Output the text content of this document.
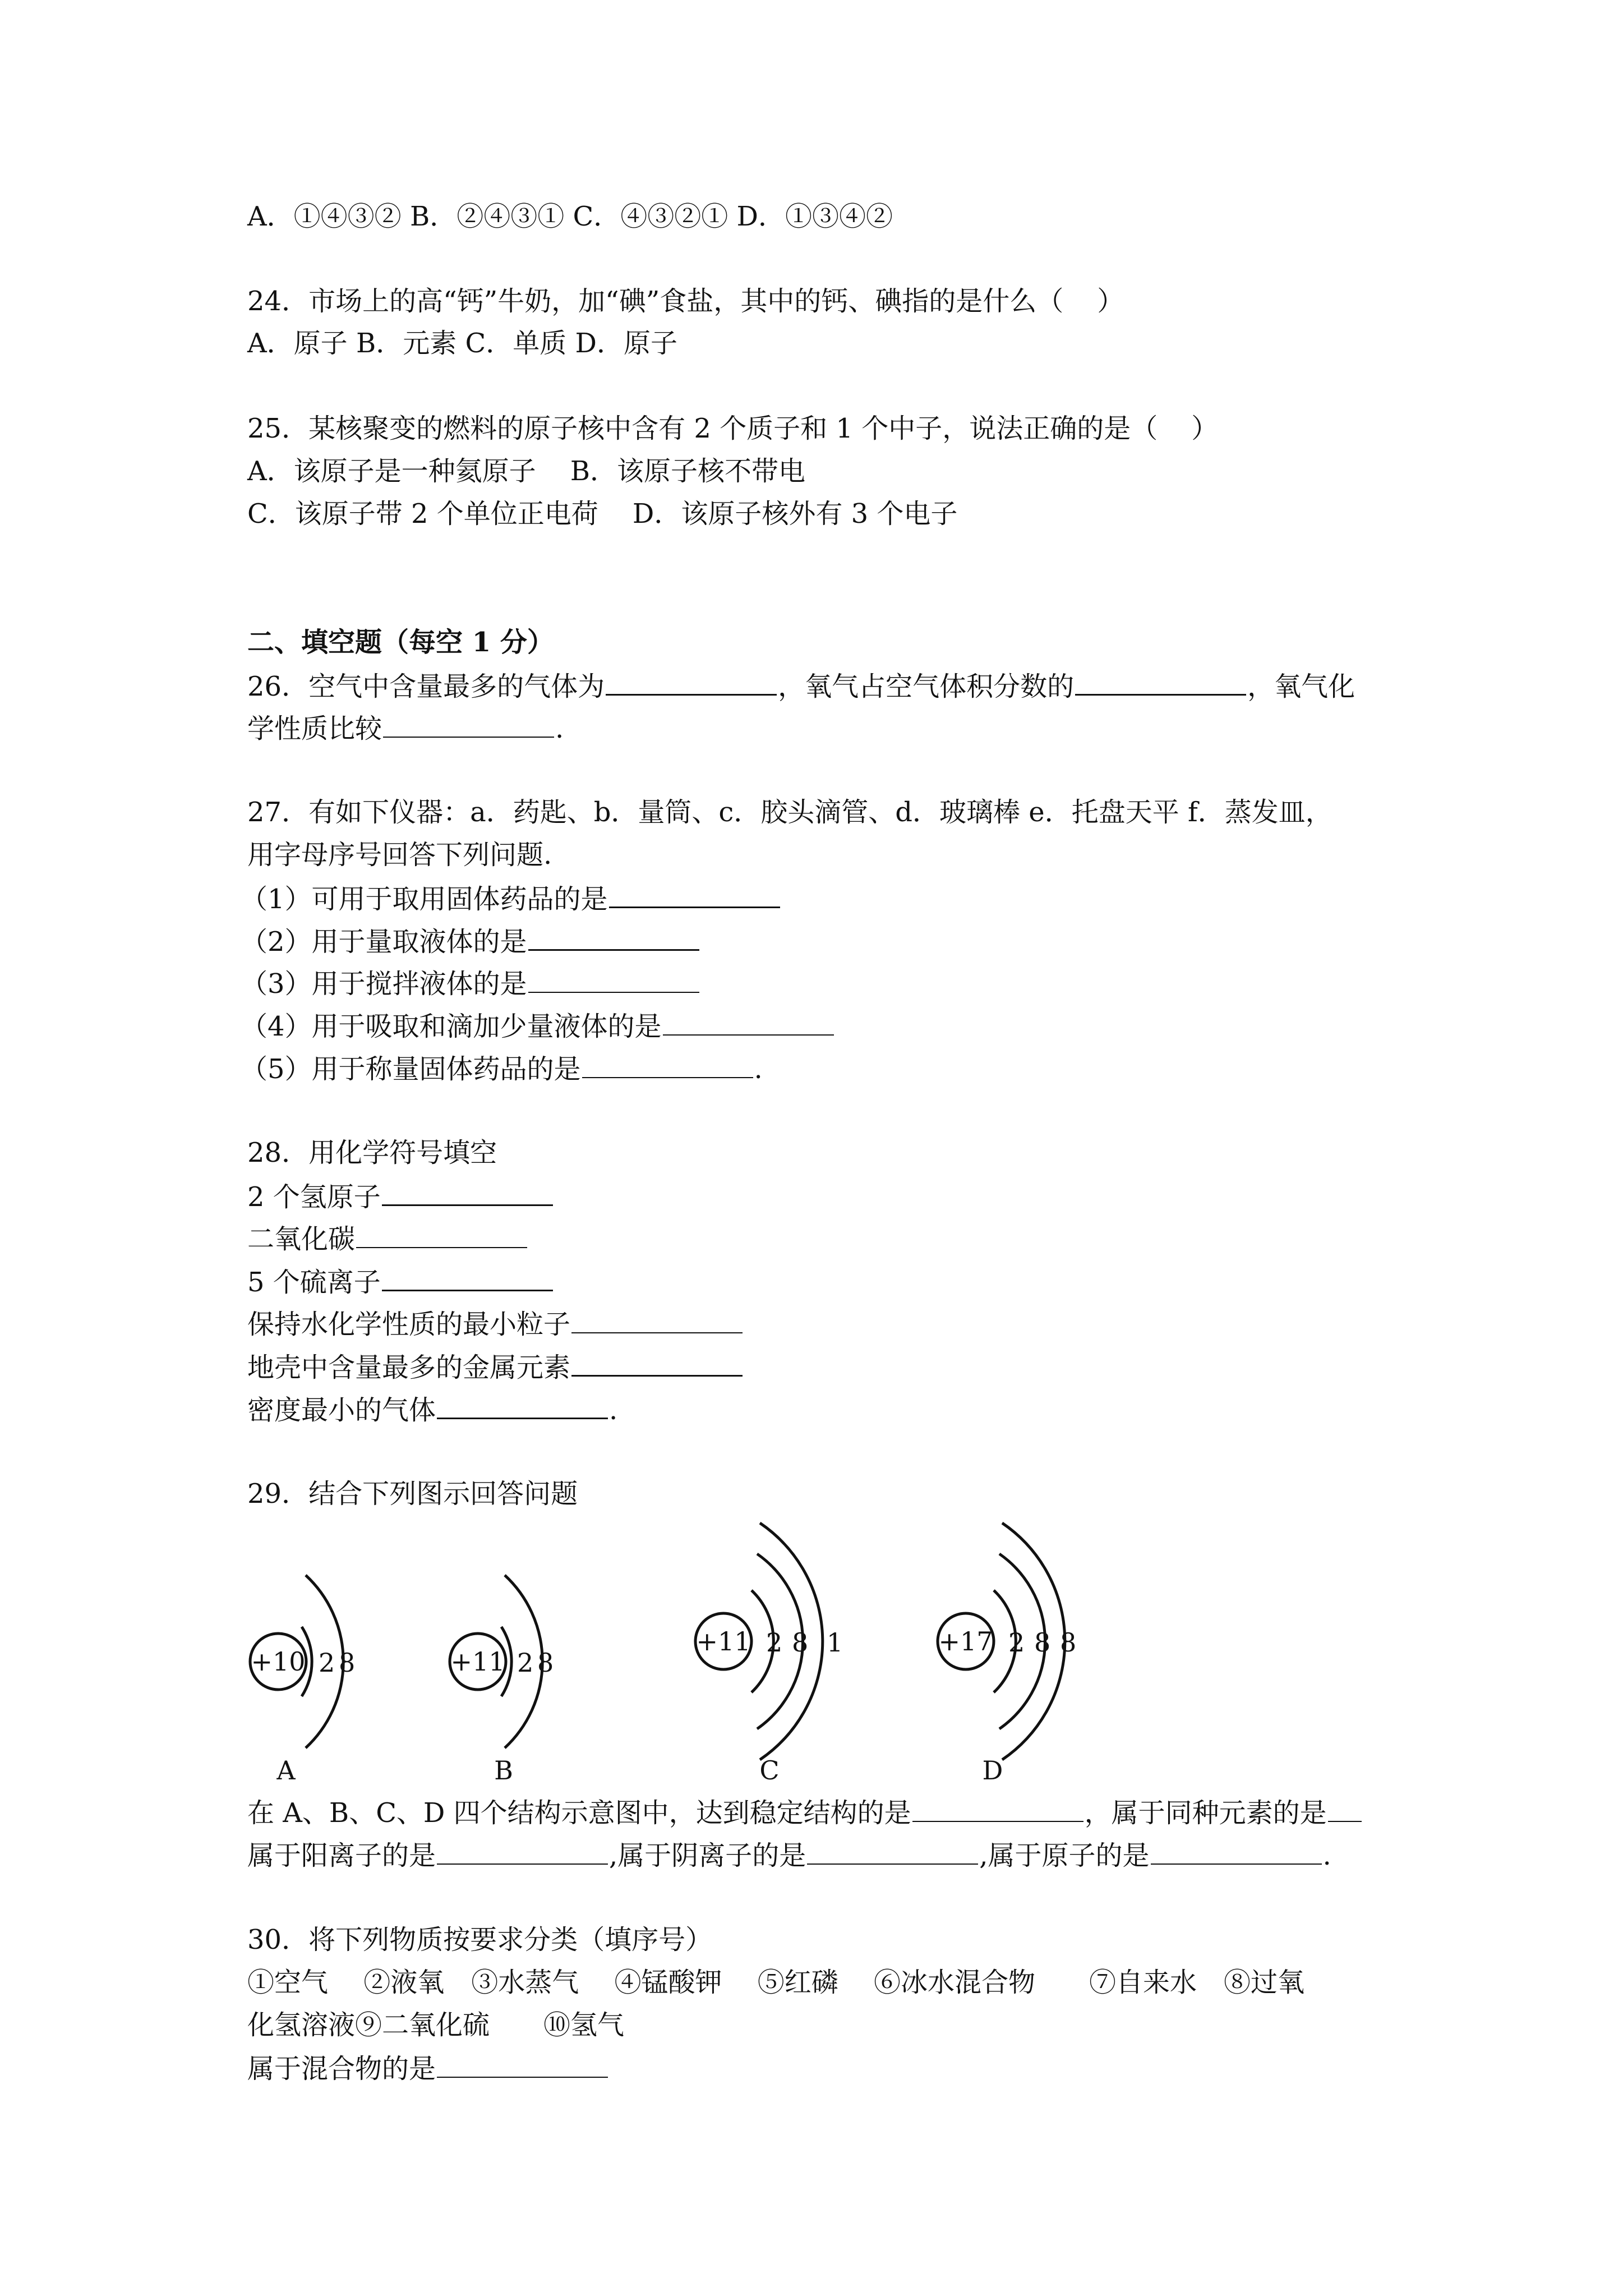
A．①④③② B．②④③① C．④③②① D．①③④②
24．市场上的高“钙”牛奶，加“碘”食盐，其中的钙、碘指的是什么（ ）
A．原子 B．元素 C．单质 D．原子
25．某核聚变的燃料的原子核中含有 2 个质子和 1 个中子，说法正确的是（ ）
A．该原子是一种氦原子 B．该原子核不带电
C．该原子带 2 个单位正电荷 D．该原子核外有 3 个电子
二、填空题（每空 1 分）
26．空气中含量最多的气体为	，氧气占空气体积分数的	，氧气化
学性质比较	.
27．有如下仪器：a．药匙、b．量筒、c．胶头滴管、d．玻璃棒 e．托盘天平 f．蒸发皿，
用字母序号回答下列问题.
（1）可用于取用固体药品的是
（2）用于量取液体的是
（3）用于搅拌液体的是
（4）用于吸取和滴加少量液体的是
（5）用于称量固体药品的是	.
28．用化学符号填空
2 个氢原子
二氧化碳
5 个硫离子
保持水化学性质的最小粒子
地壳中含量最多的金属元素
密度最小的气体	.
29．结合下列图示回答问题
+10 2 8
A
+11 2 8
B
+11 2 8 1
C
+17 2 8 8
D
在 A、B、C、D 四个结构示意图中，达到稳定结构的是	，属于同种元素的是
属于阳离子的是	,属于阴离子的是	,属于原子的是	.
30．将下列物质按要求分类（填序号）
①空气　 ②液氧　③水蒸气　 ④锰酸钾　 ⑤红磷　 ⑥冰水混合物　　⑦自来水　⑧过氧
化氢溶液⑨二氧化硫　　⑩氢气
属于混合物的是
